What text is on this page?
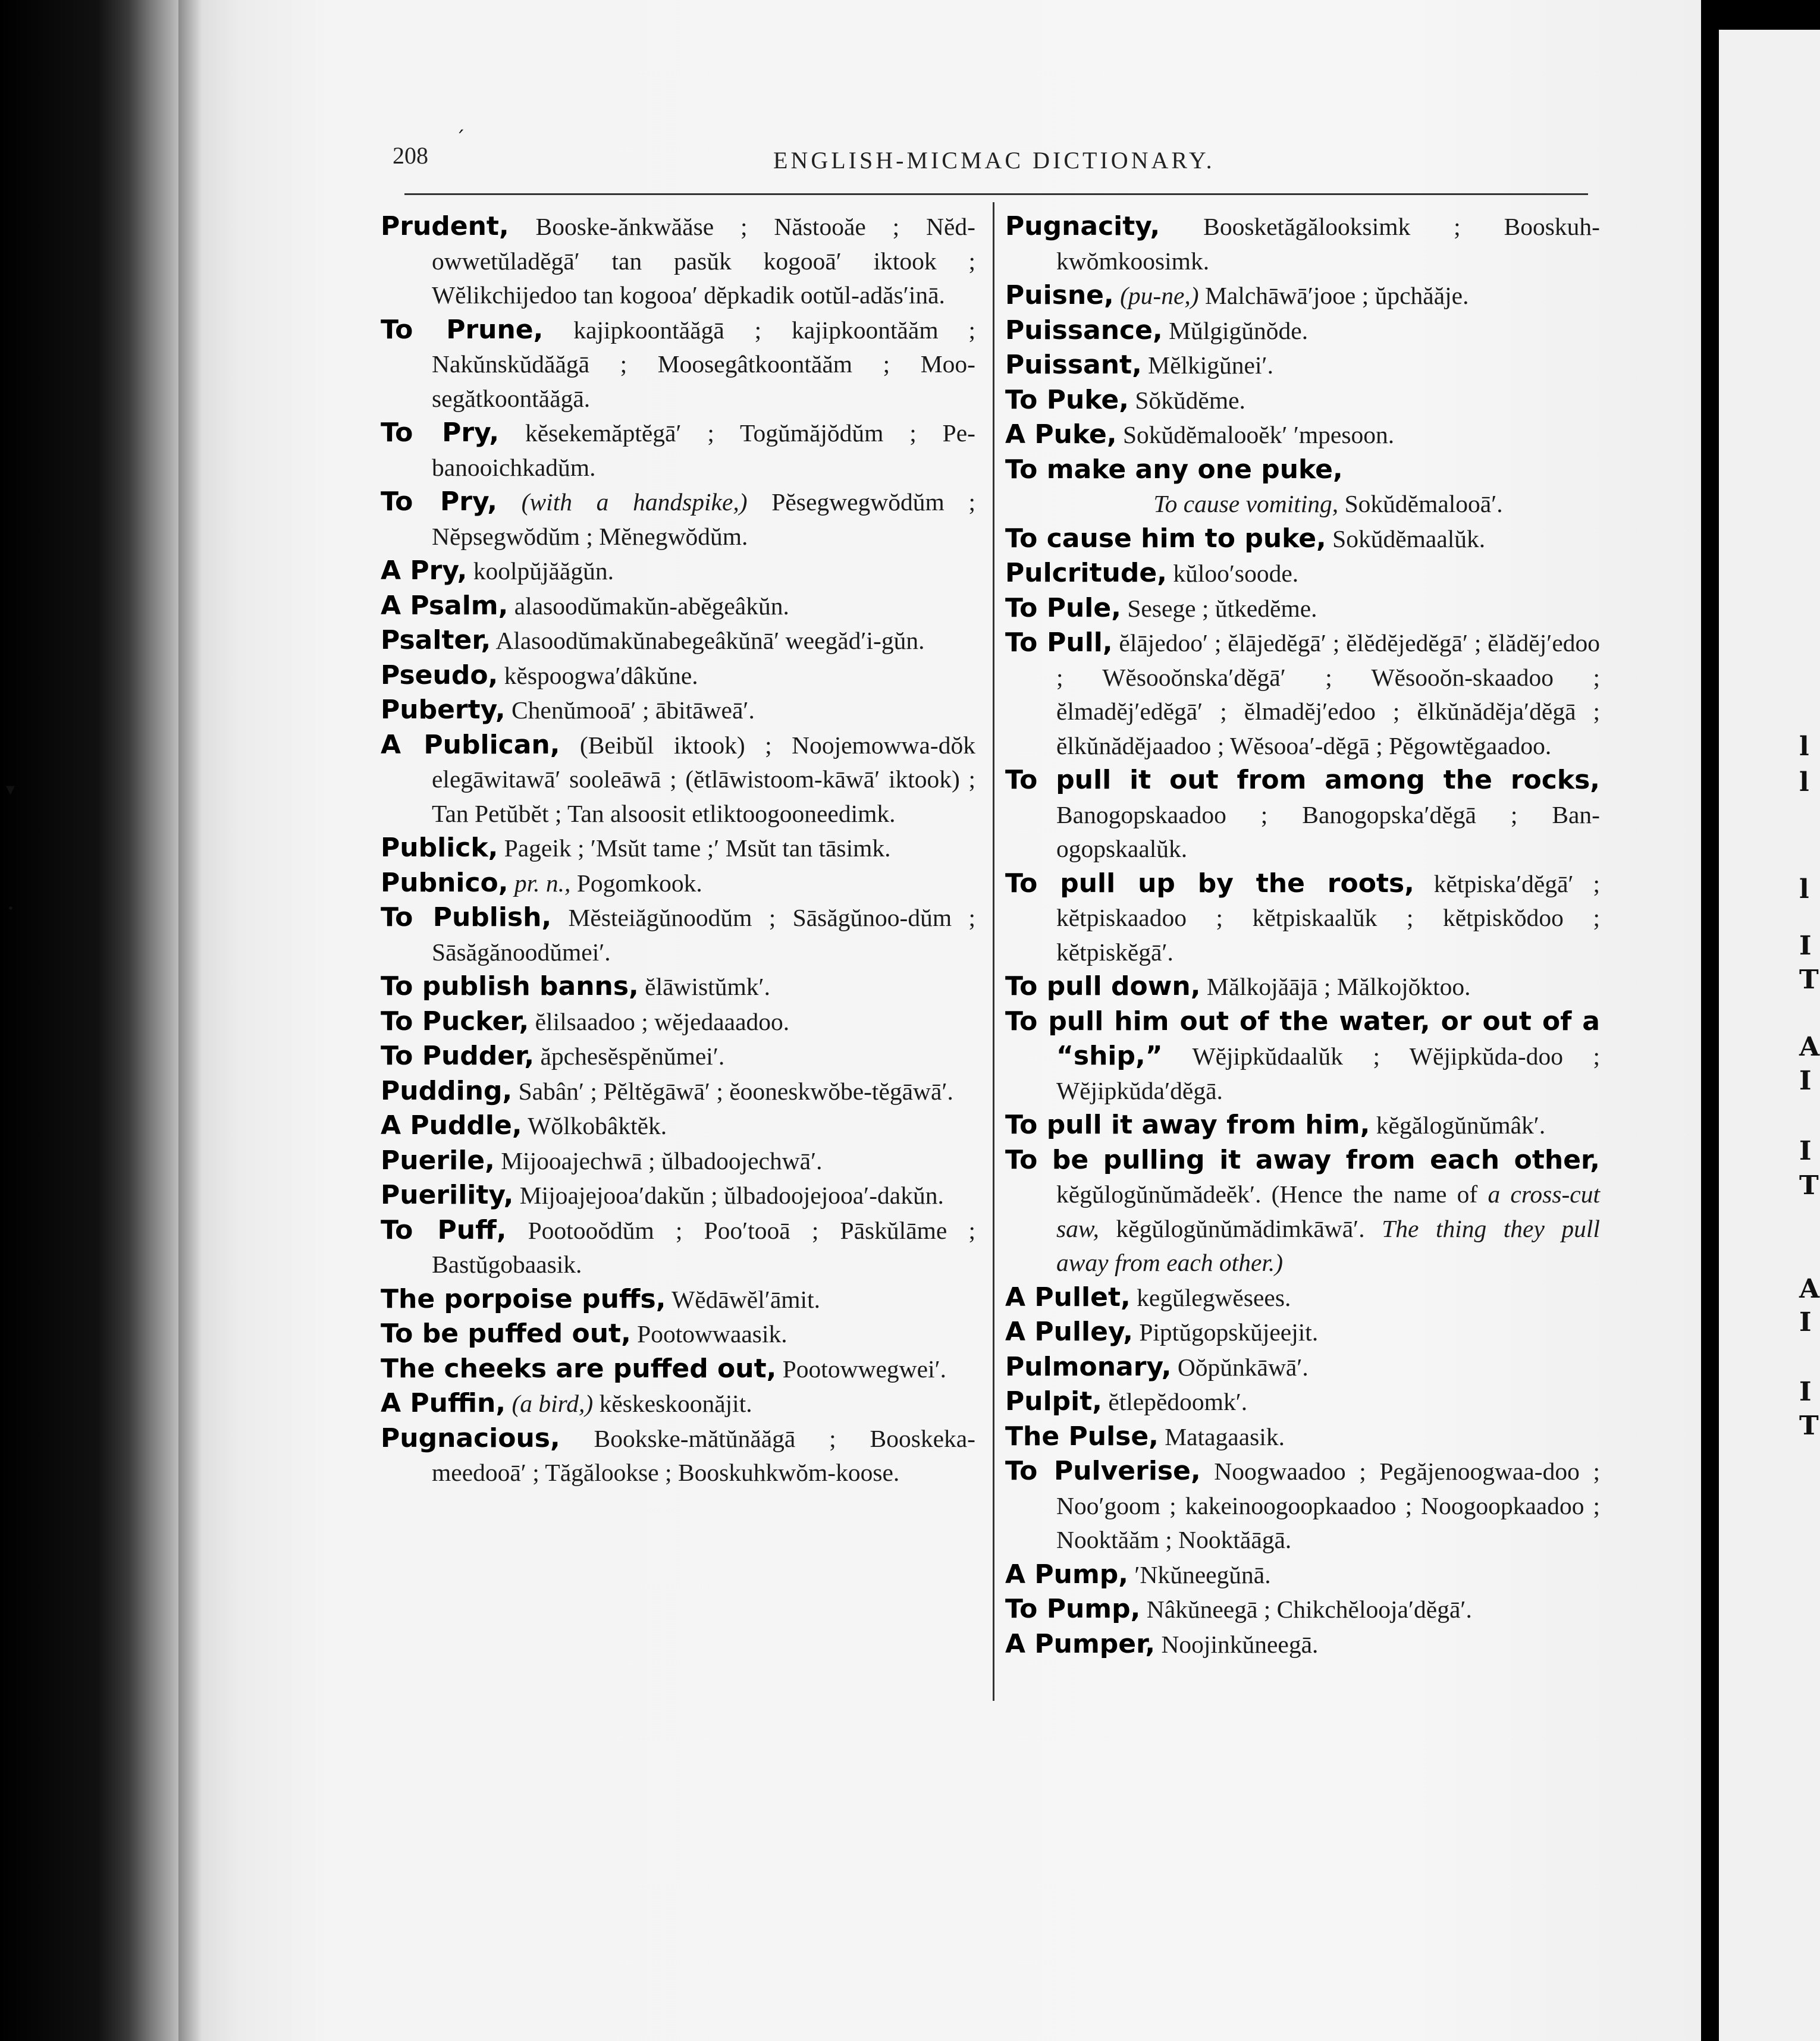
▾
•
´
208	ENGLISH-MICMAC DICTIONARY.
Prudent, Booske-ănkwăăse ; Năstooăe ; Nĕd-owwetŭladĕgā′ tan pasŭk kogooā′ iktook ; Wĕlikchijedoo tan kogooa′ dĕpkadik ootŭl-adăs′inā.
To Prune, kajipkoontăăgā ; kajipkoontăăm ; Nakŭnskŭdăăgā ; Moosegâtkoontăăm ; Moo-segătkoontăăgā.
To Pry, kĕsekemăptĕgā′ ; Togŭmăjŏdŭm ; Pe-banooichkadŭm.
To Pry, (with a handspike,) Pĕsegwegwŏdŭm ; Nĕpsegwŏdŭm ; Mĕnegwŏdŭm.
A Pry, koolpŭjăăgŭn.
A Psalm, alasoodŭmakŭn-abĕgeâkŭn.
Psalter, Alasoodŭmakŭnabegeâkŭnā′ weegăd′i-gŭn.
Pseudo, kĕspoogwa′dâkŭne.
Puberty, Chenŭmooā′ ; ābitāweā′.
A Publican, (Beibŭl iktook) ; Noojemowwa-dŏk elegāwitawā′ sooleāwā ; (ĕtlāwistoom-kāwā′ iktook) ; Tan Petŭbĕt ; Tan alsoosit etliktoogooneedimk.
Publick, Pageik ; ′Msŭt tame ;′ Msŭt tan tāsimk.
Pubnico, pr. n., Pogomkook.
To Publish, Mĕsteiăgŭnoodŭm ; Sāsăgŭnoo-dŭm ; Sāsăgănoodŭmei′.
To publish banns, ĕlāwistŭmk′.
To Pucker, ĕlilsaadoo ; wĕjedaaadoo.
To Pudder, ăpchesĕspĕnŭmei′.
Pudding, Sabân′ ; Pĕltĕgāwā′ ; ĕooneskwŏbe-tĕgāwā′.
A Puddle, Wŏlkobâktĕk.
Puerile, Mijooajechwā ; ŭlbadoojechwā′.
Puerility, Mijoajejooa′dakŭn ; ŭlbadoojejooa′-dakŭn.
To Puff, Pootooŏdŭm ; Poo′tooā ; Pāskŭlāme ; Bastŭgobaasik.
The porpoise puffs, Wĕdāwĕl′āmit.
To be puffed out, Pootowwaasik.
The cheeks are puffed out, Pootowwegwei′.
A Puffin, (a bird,) kĕskeskoonăjit.
Pugnacious, Bookske-mătŭnăăgā ; Booskeka-meedooā′ ; Tăgălookse ; Booskuhkwŏm-koose.
Pugnacity, Boosketăgălooksimk ; Booskuh-kwŏmkoosimk.
Puisne, (pu-ne,) Malchāwā′jooe ; ŭpchăăje.
Puissance, Mŭlgigŭnŏde.
Puissant, Mĕlkigŭnei′.
To Puke, Sŏkŭdĕme.
A Puke, Sokŭdĕmalooĕk′ ′mpesoon.
To make any one puke,
To cause vomiting, Sokŭdĕmalooā′.
To cause him to puke, Sokŭdĕmaalŭk.
Pulcritude, kŭloo′soode.
To Pule, Sesege ; ŭtkedĕme.
To Pull, ĕlājedoo′ ; ĕlājedĕgā′ ; ĕlĕdĕjedĕgā′ ; ĕlădĕj′edoo ; Wĕsooŏnska′dĕgā′ ; Wĕsooŏn-skaadoo ; ĕlmadĕj′edĕgā′ ; ĕlmadĕj′edoo ; ĕlkŭnădĕja′dĕgā ; ĕlkŭnădĕjaadoo ; Wĕsooa′-dĕgā ; Pĕgowtĕgaadoo.
To pull it out from among the rocks, Banogopskaadoo ; Banogopska′dĕgā ; Ban-ogopskaalŭk.
To pull up by the roots, kĕtpiska′dĕgā′ ; kĕtpiskaadoo ; kĕtpiskaalŭk ; kĕtpiskŏdoo ; kĕtpiskĕgā′.
To pull down, Mălkojăājā ; Mălkojŏktoo.
To pull him out of the water, or out of a “ship,” Wĕjipkŭdaalŭk ; Wĕjipkŭda-doo ; Wĕjipkŭda′dĕgā.
To pull it away from him, kĕgălogŭnŭmâk′.
To be pulling it away from each other, kĕgŭlogŭnŭmădeĕk′. (Hence the name of a cross-cut saw, kĕgŭlogŭnŭmădimkāwā′. The thing they pull away from each other.)
A Pullet, kegŭlegwĕsees.
A Pulley, Piptŭgopskŭjeejit.
Pulmonary, Oŏpŭnkāwā′.
Pulpit, ĕtlepĕdoomk′.
The Pulse, Matagaasik.
To Pulverise, Noogwaadoo ; Pegăjenoogwaa-doo ; Noo′goom ; kakeinoogoopkaadoo ; Noogoopkaadoo ; Nooktăăm ; Nooktăāgā.
A Pump, ′Nkŭneegŭnā.
To Pump, Nâkŭneegā ; Chikchĕlooja′dĕgā′.
A Pumper, Noojinkŭneegā.
l
l
l
I
T
A
I
I
T
A
I
I
T
